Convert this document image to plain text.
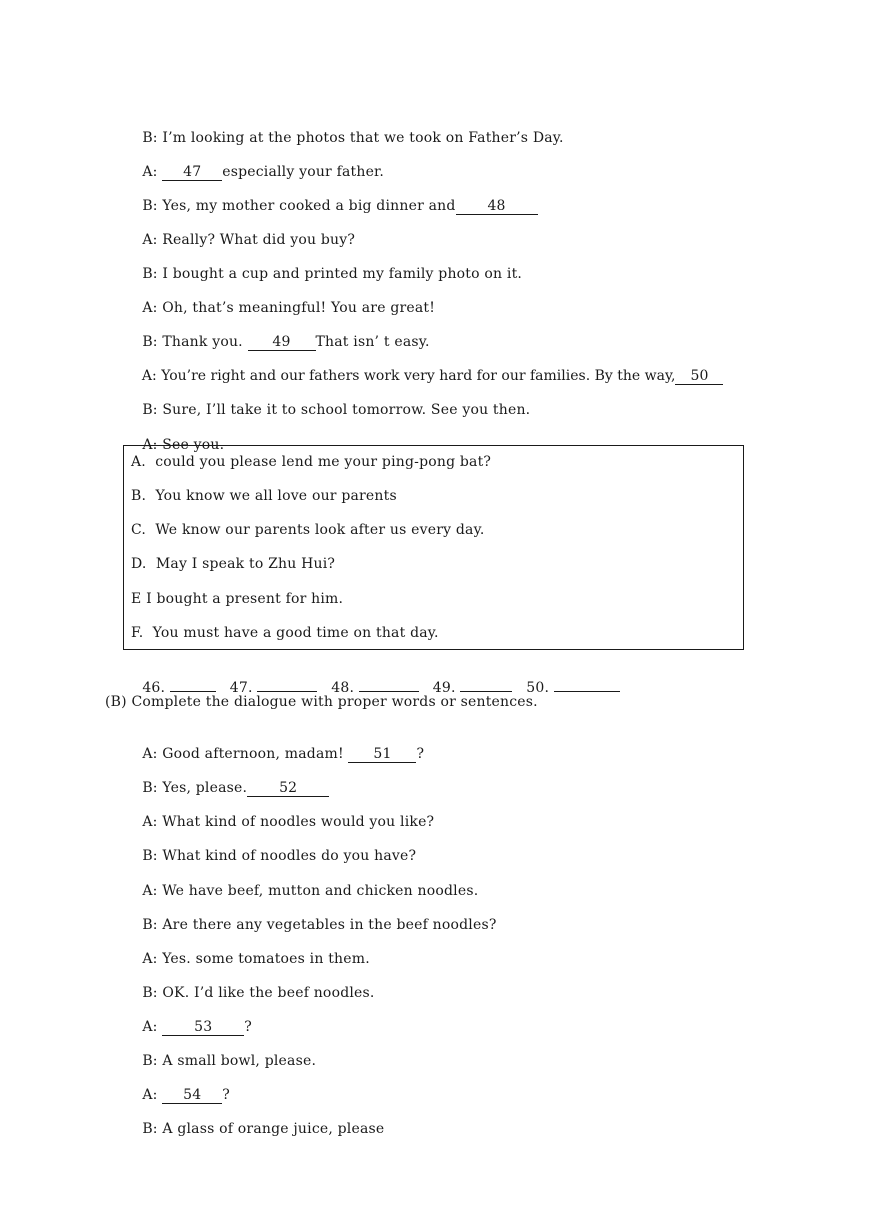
B: I’m looking at the photos that we took on Father’s Day.

A:	47	especially your father.

B: Yes, my mother cooked a big dinner and	48

A: Really? What did you buy?

B: I bought a cup and printed my family photo on it.

A: Oh, that’s meaningful! You are great!

B: Thank you.	49	That isn’ t easy.

A: You’re right and our fathers work very hard for our families. By the way,	50

B: Sure, I’ll take it to school tomorrow. See you then.

A: See you.

A.  could you please lend me your ping-pong bat?
B.  You know we all love our parents
C.  We know our parents look after us every day.
D.  May I speak to Zhu Hui?
E I bought a present for him.
F.  You must have a good time on that day.

46.	47.	48.	49.	50.

(B) Complete the dialogue with proper words or sentences.

A: Good afternoon, madam!	51	?

B: Yes, please.	52

A: What kind of noodles would you like?

B: What kind of noodles do you have?

A: We have beef, mutton and chicken noodles.

B: Are there any vegetables in the beef noodles?

A: Yes. some tomatoes in them.

B: OK. I’d like the beef noodles.

A:	53	?

B: A small bowl, please.

A:	54	?

B: A glass of orange juice, please
